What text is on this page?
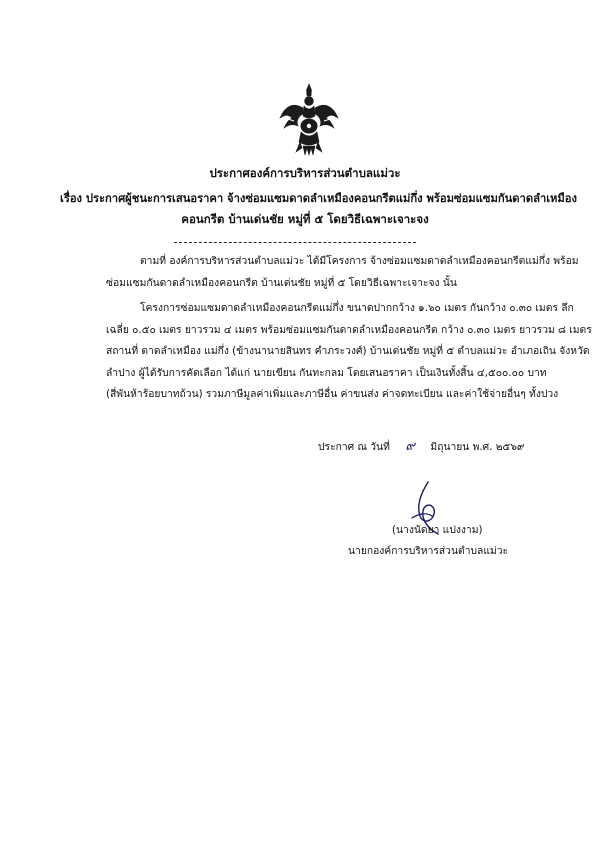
ประกาศองค์การบริหารส่วนตำบลแม่วะ
เรื่อง ประกาศผู้ชนะการเสนอราคา จ้างซ่อมแซมดาดลำเหมืองคอนกรีตแม่กึ่ง พร้อมซ่อมแซมกันดาดลำเหมือง
คอนกรีต บ้านเด่นชัย หมู่ที่ ๕ โดยวิธีเฉพาะเจาะจง
ตามที่ องค์การบริหารส่วนตำบลแม่วะ ได้มีโครงการ จ้างซ่อมแซมดาดลำเหมืองคอนกรีตแม่กึ่ง พร้อม
ซ่อมแซมกันดาดลำเหมืองคอนกรีต บ้านเด่นชัย หมู่ที่ ๕ โดยวิธีเฉพาะเจาะจง นั้น
โครงการซ่อมแซมดาดลำเหมืองคอนกรีตแม่กึ่ง ขนาดปากกว้าง ๑.๖๐ เมตร กันกว้าง ๐.๓๐ เมตร ลึก
เฉลี่ย ๐.๕๐ เมตร ยาวรวม ๔ เมตร พร้อมซ่อมแซมกันดาดลำเหมืองคอนกรีต กว้าง ๐.๓๐ เมตร ยาวรวม ๘ เมตร
สถานที่ ดาดลำเหมือง แม่กึ่ง (ข้างนานายสินทร คำภระวงศ์) บ้านเด่นชัย หมู่ที่ ๕ ตำบลแม่วะ อำเภอเถิน จังหวัด
ลำปาง ผู้ได้รับการคัดเลือก ได้แก่ นายเขียน กันทะกลม โดยเสนอราคา เป็นเงินทั้งสิ้น ๔,๕๐๐.๐๐ บาท
(สี่พันห้าร้อยบาทถ้วน) รวมภาษีมูลค่าเพิ่มและภาษีอื่น ค่าขนส่ง ค่าจดทะเบียน และค่าใช้จ่ายอื่นๆ ทั้งปวง
ประกาศ ณ วันที่ ๙ มิถุนายน พ.ศ. ๒๕๖๙
(นางนัดยา แปงงาม)
นายกองค์การบริหารส่วนตำบลแม่วะ
